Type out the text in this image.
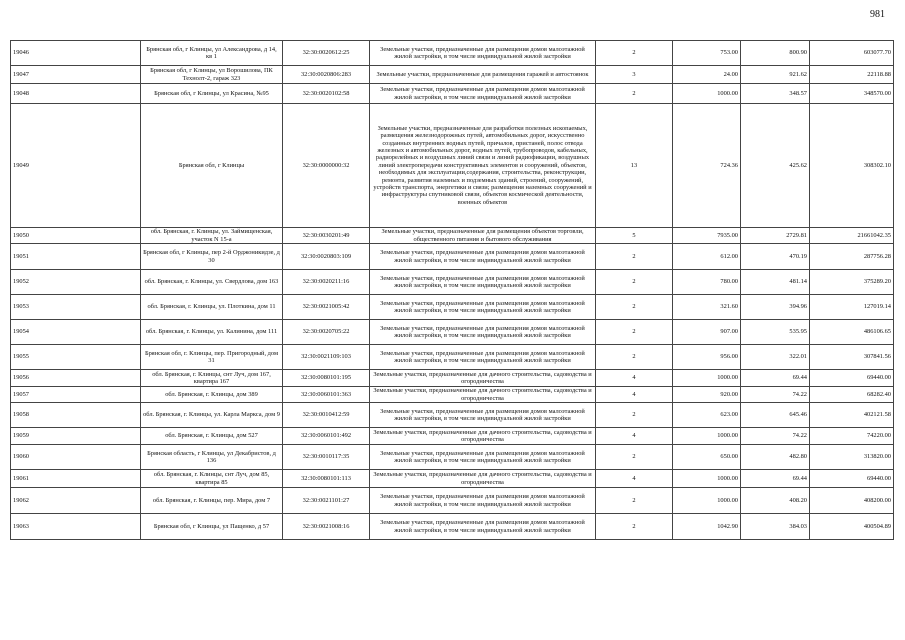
981
19046	Брянская обл, г Клинцы, ул Александрова, д 14, кв 1	32:30:0020612:25	Земельные участки, предназначенные для размещения домов малоэтажной жилой застройки, в том числе индивидуальной жилой застройки	2	753.00	800.90	603077.70
19047	Брянская обл, г Клинцы, ул Ворошилова, ПК Технолт-2, гараж 323	32:30:0020806:283	Земельные участки, предназначенные для размещения гаражей и автостоянок	3	24.00	921.62	22118.88
19048	Брянская обл, г Клинцы, ул Красина, №95	32:30:0020102:58	Земельные участки, предназначенные для размещения домов малоэтажной жилой застройки, в том числе индивидуальной жилой застройки	2	1000.00	348.57	348570.00
19049	Брянская обл, г Клинцы	32:30:0000000:32	Земельные участки, предназначенные для разработки полезных ископаемых, размещения железнодорожных путей, автомобильных дорог, искусственно созданных внутренних водных путей, причалов, пристаней, полос отвода железных и автомобильных дорог, водных путей, трубопроводов, кабельных, радиорелейных и воздушных линий связи и линий радиофикации, воздушных линий электропередачи конструктивных элементов и сооружений, объектов, необходимых для эксплуатации,содержания, строительства, реконструкции, ремонта, развития наземных и подземных зданий, строений, сооружений, устройств транспорта, энергетики и связи; размещения наземных сооружений и инфраструктуры спутниковой связи, объектов космической деятельности, военных объектов	13	724.36	425.62	308302.10
19050	обл. Брянская, г. Клинцы, ул. Займищенская, участок N 15-а	32:30:0030201:49	Земельные участки, предназначенные для размещения объектов торговли, общественного питания и бытового обслуживания	5	7935.00	2729.81	21661042.35
19051	Брянская обл, г Клинцы, пер 2-й Орджоникидзе, д 30	32:30:0020803:109	Земельные участки, предназначенные для размещения домов малоэтажной жилой застройки, в том числе индивидуальной жилой застройки	2	612.00	470.19	287756.28
19052	обл. Брянская, г. Клинцы, ул. Свердлова, дом 163	32:30:0020211:16	Земельные участки, предназначенные для размещения домов малоэтажной жилой застройки, в том числе индивидуальной жилой застройки	2	780.00	481.14	375289.20
19053	обл. Брянская, г. Клинцы, ул. Плоткина, дом 11	32:30:0021005:42	Земельные участки, предназначенные для размещения домов малоэтажной жилой застройки, в том числе индивидуальной жилой застройки	2	321.60	394.96	127019.14
19054	обл. Брянская, г. Клинцы, ул. Калинина, дом 111	32:30:0020705:22	Земельные участки, предназначенные для размещения домов малоэтажной жилой застройки, в том числе индивидуальной жилой застройки	2	907.00	535.95	486106.65
19055	Брянская обл, г. Клинцы, пер. Пригородный, дом 31	32:30:0021109:103	Земельные участки, предназначенные для размещения домов малоэтажной жилой застройки, в том числе индивидуальной жилой застройки	2	956.00	322.01	307841.56
19056	обл. Брянская, г. Клинцы, снт Луч, дом 167, квартира 167	32:30:0080101:195	Земельные участки, предназначенные для дачного строительства, садоводства и огородничества	4	1000.00	69.44	69440.00
19057	обл. Брянская, г. Клинцы, дом 389	32:30:0060101:363	Земельные участки, предназначенные для дачного строительства, садоводства и огородничества	4	920.00	74.22	68282.40
19058	обл. Брянская, г. Клинцы, ул. Карла Маркса, дом 9	32:30:0010412:59	Земельные участки, предназначенные для размещения домов малоэтажной жилой застройки, в том числе индивидуальной жилой застройки	2	623.00	645.46	402121.58
19059	обл. Брянская, г. Клинцы, дом 527	32:30:0060101:492	Земельные участки, предназначенные для дачного строительства, садоводства и огородничества	4	1000.00	74.22	74220.00
19060	Брянская область, г Клинцы, ул Декабристов, д 136	32:30:0010117:35	Земельные участки, предназначенные для размещения домов малоэтажной жилой застройки, в том числе индивидуальной жилой застройки	2	650.00	482.80	313820.00
19061	обл. Брянская, г. Клинцы, снт Луч, дом 85, квартира 85	32:30:0080101:113	Земельные участки, предназначенные для дачного строительства, садоводства и огородничества	4	1000.00	69.44	69440.00
19062	обл. Брянская, г. Клинцы, пер. Мира, дом 7	32:30:0021101:27	Земельные участки, предназначенные для размещения домов малоэтажной жилой застройки, в том числе индивидуальной жилой застройки	2	1000.00	408.20	408200.00
19063	Брянская обл, г Клинцы, ул Пащенко, д 57	32:30:0021008:16	Земельные участки, предназначенные для размещения домов малоэтажной жилой застройки, в том числе индивидуальной жилой застройки	2	1042.90	384.03	400504.89
